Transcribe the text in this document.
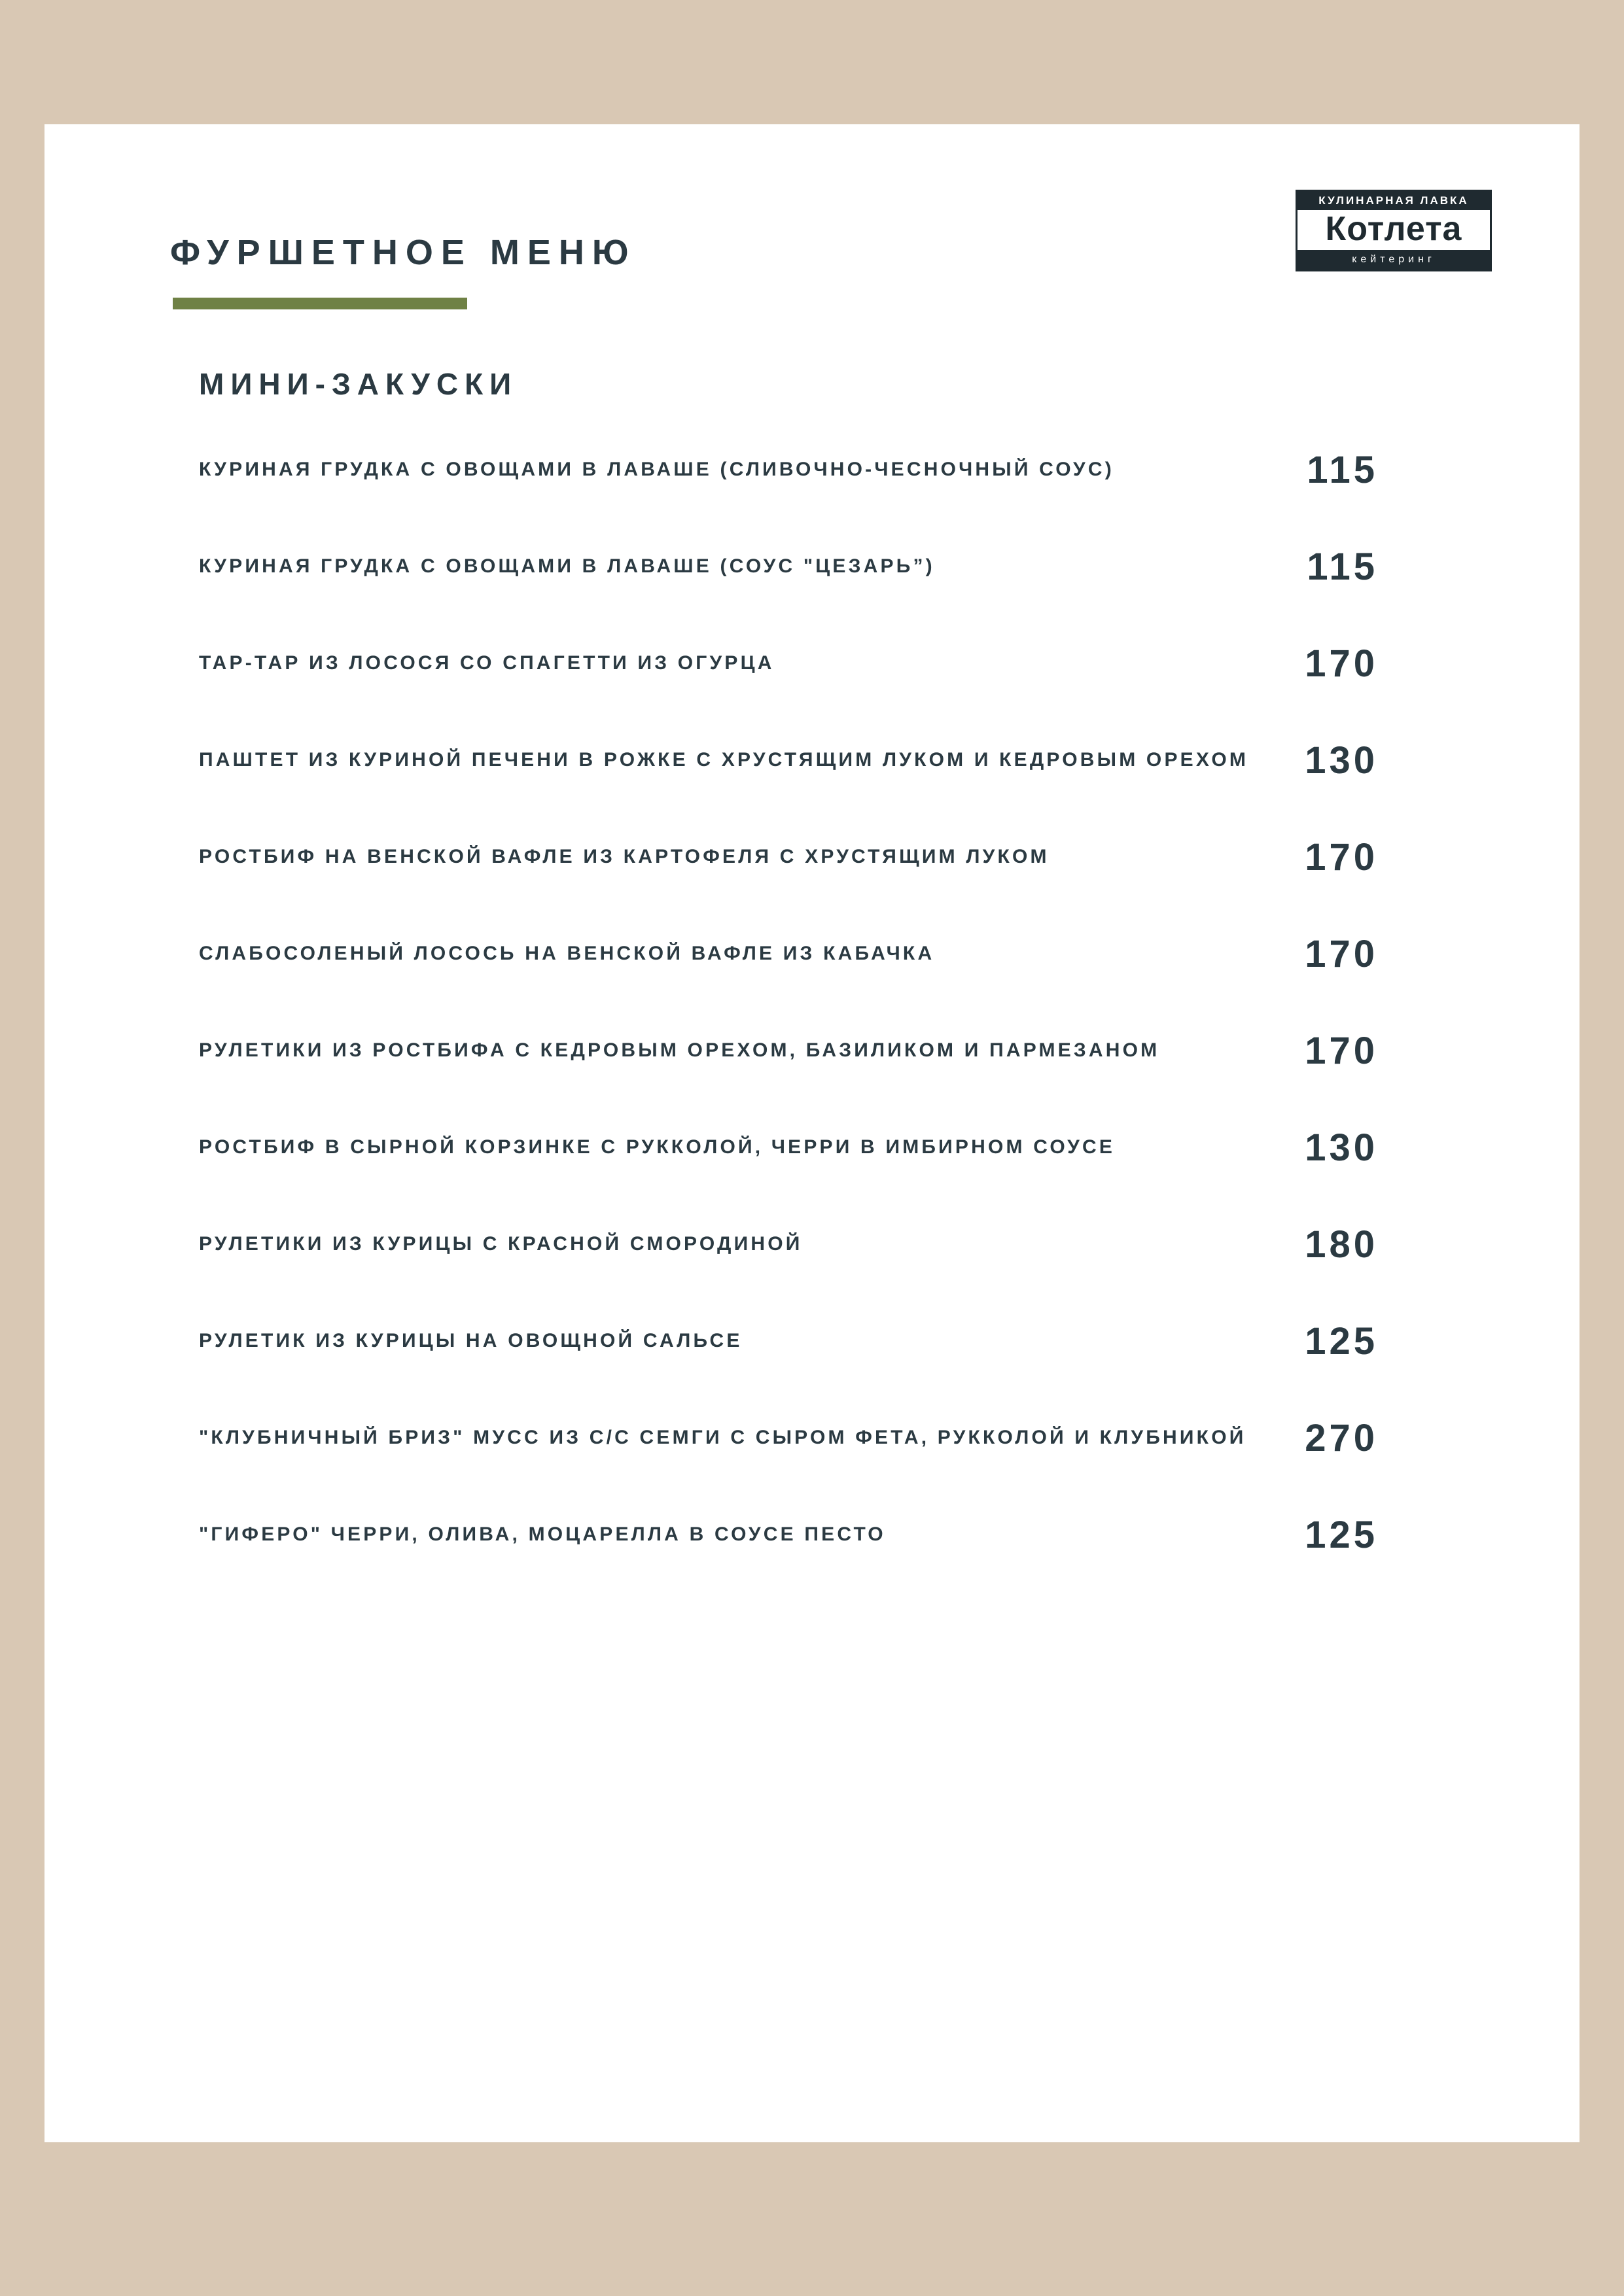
ФУРШЕТНОЕ МЕНЮ
КУЛИНАРНАЯ ЛАВКА
Котлета
кейтеринг
МИНИ-ЗАКУСКИ
КУРИНАЯ ГРУДКА С ОВОЩАМИ В ЛАВАШЕ (СЛИВОЧНО-ЧЕСНОЧНЫЙ СОУС)	115
КУРИНАЯ ГРУДКА С ОВОЩАМИ В ЛАВАШЕ (СОУС "ЦЕЗАРЬ”)	115
ТАР-ТАР ИЗ ЛОСОСЯ СО СПАГЕТТИ ИЗ ОГУРЦА	170
ПАШТЕТ ИЗ КУРИНОЙ ПЕЧЕНИ В РОЖКЕ С ХРУСТЯЩИМ ЛУКОМ И КЕДРОВЫМ ОРЕХОМ 130
РОСТБИФ НА ВЕНСКОЙ ВАФЛЕ ИЗ КАРТОФЕЛЯ С ХРУСТЯЩИМ ЛУКОМ	170
СЛАБОСОЛЕНЫЙ ЛОСОСЬ НА ВЕНСКОЙ ВАФЛЕ ИЗ КАБАЧКА	170
РУЛЕТИКИ ИЗ РОСТБИФА С КЕДРОВЫМ ОРЕХОМ, БАЗИЛИКОМ И ПАРМЕЗАНОМ	170
РОСТБИФ В СЫРНОЙ КОРЗИНКЕ С РУККОЛОЙ, ЧЕРРИ В ИМБИРНОМ СОУСЕ	130
РУЛЕТИКИ ИЗ КУРИЦЫ С КРАСНОЙ СМОРОДИНОЙ	180
РУЛЕТИК ИЗ КУРИЦЫ НА ОВОЩНОЙ САЛЬСЕ	125
"КЛУБНИЧНЫЙ БРИЗ" МУСС ИЗ С/С СЕМГИ С СЫРОМ ФЕТА, РУККОЛОЙ И КЛУБНИКОЙ 270
"ГИФЕРО" ЧЕРРИ, ОЛИВА, МОЦАРЕЛЛА В СОУСЕ ПЕСТО	125
